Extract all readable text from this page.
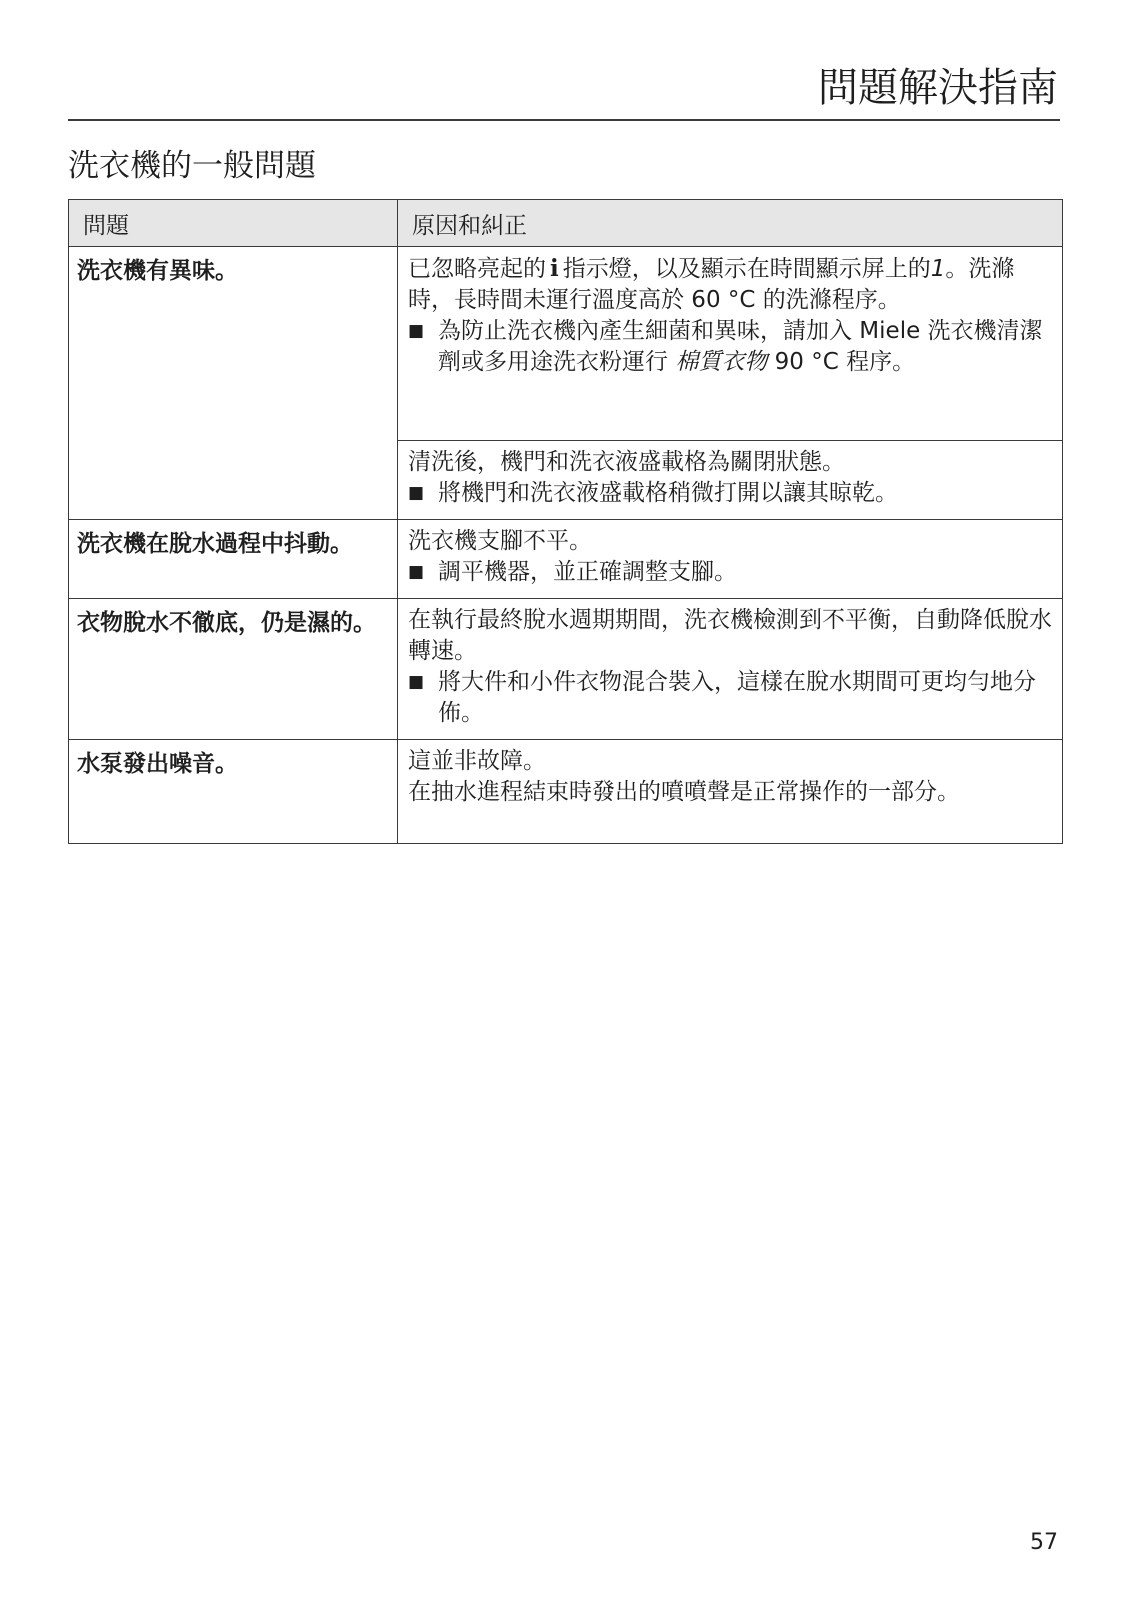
問題解決指南
洗衣機的一般問題
問題	原因和糾正
洗衣機有異味。	已忽略亮起的 i 指示燈，以及顯示在時間顯示屏上的1。洗滌時，長時間未運行溫度高於 60 °C 的洗滌程序。

■ 為防止洗衣機內產生細菌和異味，請加入 Miele 洗衣機清潔劑或多用途洗衣粉運行 棉質衣物 90 °C 程序。

	清洗後，機門和洗衣液盛載格為關閉狀態。

■ 將機門和洗衣液盛載格稍微打開以讓其晾乾。

洗衣機在脫水過程中抖動。	洗衣機支腳不平。

■ 調平機器，並正確調整支腳。

衣物脫水不徹底，仍是濕的。	在執行最終脫水週期期間，洗衣機檢測到不平衡，自動降低脫水轉速。

■ 將大件和小件衣物混合裝入，這樣在脫水期間可更均勻地分佈。

水泵發出噪音。	這並非故障。

在抽水進程結束時發出的噴噴聲是正常操作的一部分。

57
